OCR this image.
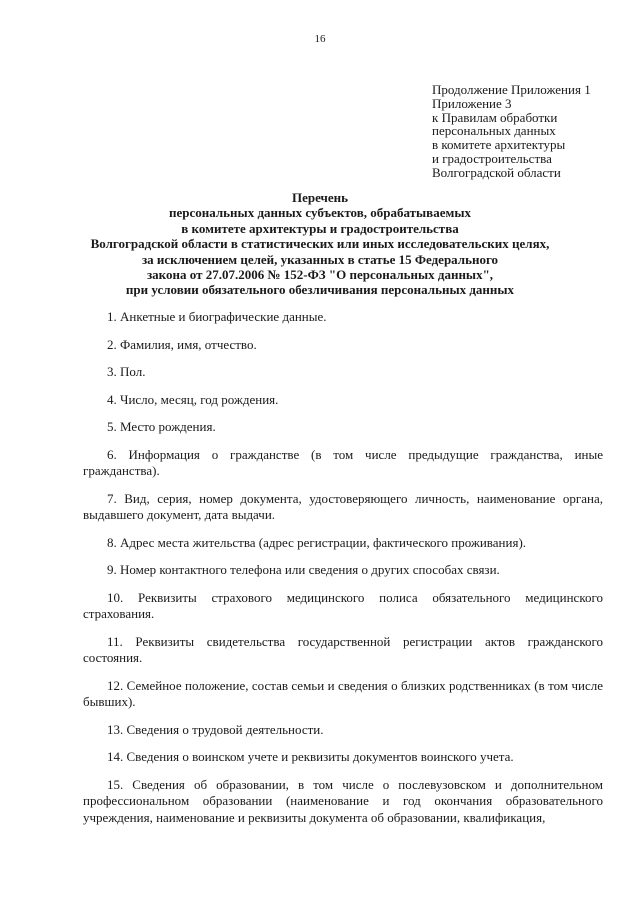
16
Продолжение Приложения 1
Приложение 3
к Правилам обработки
персональных данных
в комитете архитектуры
и градостроительства
Волгоградской области
Перечень
персональных данных субъектов, обрабатываемых
в комитете архитектуры и градостроительства
Волгоградской области в статистических или иных исследовательских целях,
за исключением целей, указанных в статье 15 Федерального
закона от 27.07.2006 № 152-ФЗ "О персональных данных",
при условии обязательного обезличивания персональных данных

1. Анкетные и биографические данные.

2. Фамилия, имя, отчество.

3. Пол.

4. Число, месяц, год рождения.

5. Место рождения.

6. Информация о гражданстве (в том числе предыдущие гражданства, иные гражданства).

7. Вид, серия, номер документа, удостоверяющего личность, наименование органа, выдавшего документ, дата выдачи.

8. Адрес места жительства (адрес регистрации, фактического проживания).

9. Номер контактного телефона или сведения о других способах связи.

10. Реквизиты страхового медицинского полиса обязательного медицинского страхования.

11. Реквизиты свидетельства государственной регистрации актов гражданского состояния.

12. Семейное положение, состав семьи и сведения о близких родственниках (в том числе бывших).

13. Сведения о трудовой деятельности.

14. Сведения о воинском учете и реквизиты документов воинского учета.

15. Сведения об образовании, в том числе о послевузовском и дополнительном профессиональном образовании (наименование и год окончания образовательного учреждения, наименование и реквизиты документа об образовании, квалификация,
